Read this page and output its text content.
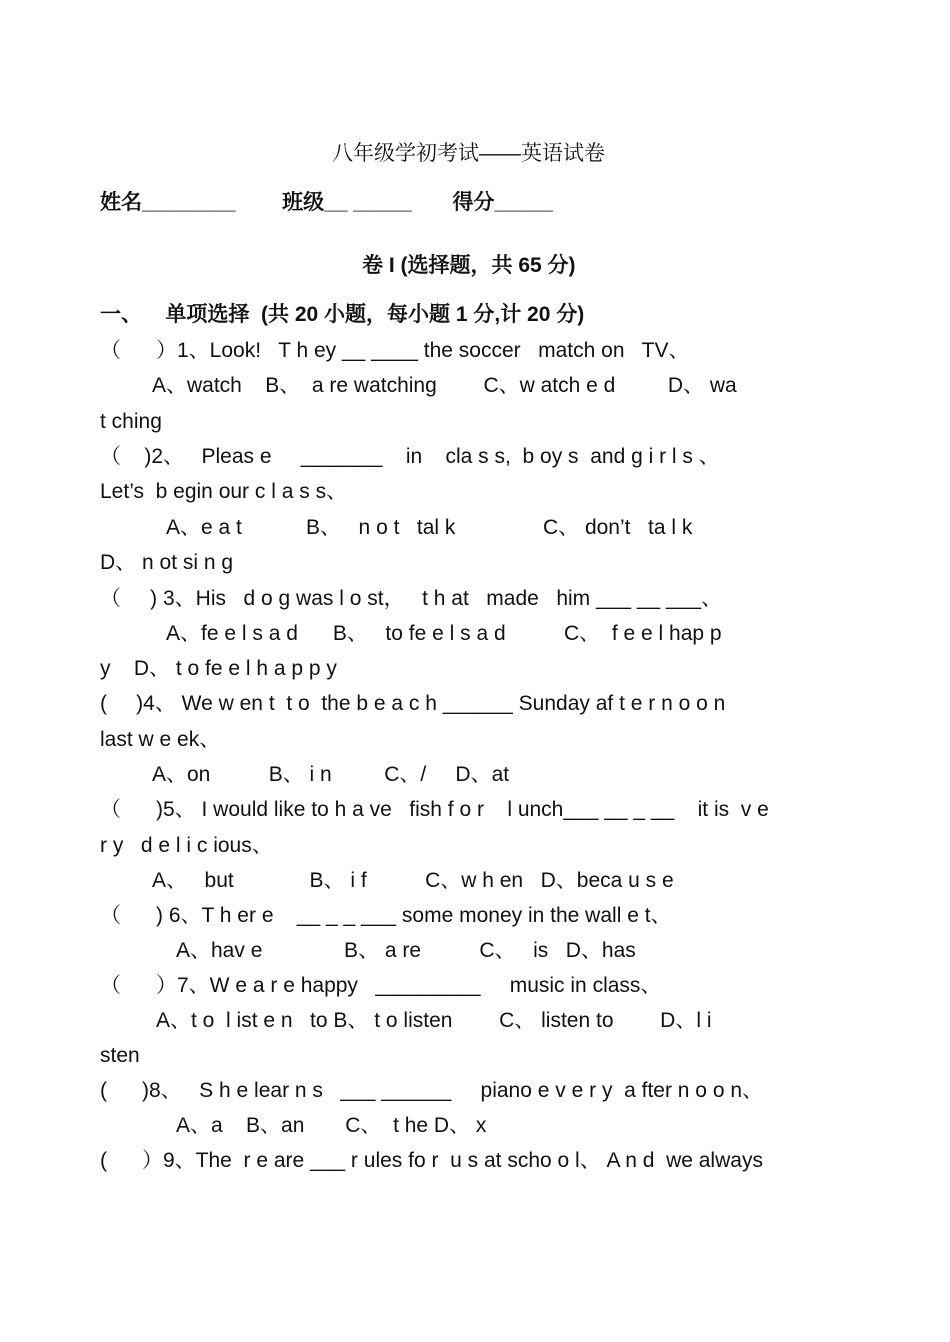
八年级学初考试——英语试卷
姓名________        班级__ _____       得分_____
卷 I (选择题，共 65 分)
一、    单项选择  (共 20 小题，每小题 1 分,计 20 分)
（      ）1、Look!   T h ey __ ____ the soccer   match on   TV、
A、watch    B、  a re watching        C、w atch e d         D、 wa
t ching
（    )2、   Pleas e     _______    in    cla s s,  b oy s  and g i r l s 、
Let’s  b egin our c l a s s、
A、e a t           B、   n o t   tal k               C、 don’t   ta l k
D、 n ot si n g
（     ) 3、His   d o g was l o st，   t h at   made   him ___ __ ___、
A、fe e l s a d      B、   to fe e l s a d          C、  f e e l hap p
y    D、 t o fe e l h a p p y
(     )4、 We w en t  t o  the b e a c h ______ Sunday af t e r n o o n
last w e ek、
A、on          B、 i n         C、/     D、at
（      )5、 I would like to h a ve   fish f o r    l unch___ __ _ __    it is  v e
r y   d e l i c ious、
A、   but             B、 i f          C、w h en   D、beca u s e
（      ) 6、T h er e    __ _ _ ___ some money in the wall e t、
A、hav e              B、 a re          C、   is   D、has
（      ）7、W e a r e happy   _________     music in class、
A、t o  l ist e n   to B、 t o listen        C、 listen to        D、l i
sten
(      )8、   S h e lear n s   ___ ______     piano e v e r y  a fter n o o n、
A、a    B、an       C、  t he D、 x
(      ）9、The  r e are ___ r ules fo r  u s at scho o l、 A n d  we always
